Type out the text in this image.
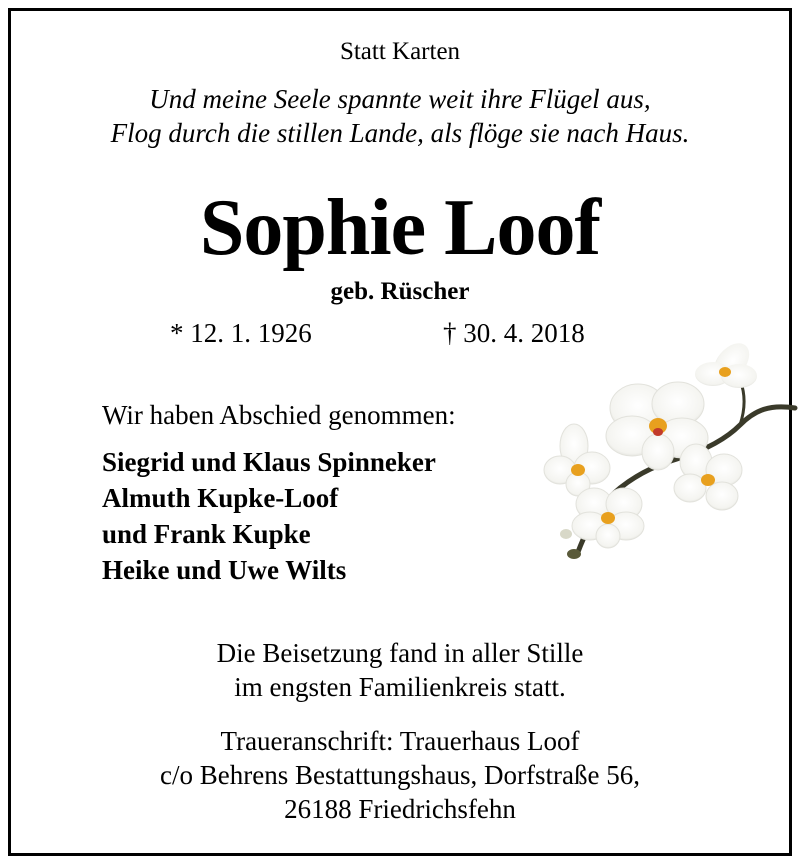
Statt Karten
Und meine Seele spannte weit ihre Flügel aus,
Flog durch die stillen Lande, als flöge sie nach Haus.
Sophie Loof
geb. Rüscher
* 12. 1. 1926	† 30. 4. 2018
Wir haben Abschied genommen:
Siegrid und Klaus Spinneker
Almuth Kupke-Loof
und Frank Kupke
Heike und Uwe Wilts
Die Beisetzung fand in aller Stille
im engsten Familienkreis statt.
Traueranschrift: Trauerhaus Loof
c/o Behrens Bestattungshaus, Dorfstraße 56,
26188 Friedrichsfehn
